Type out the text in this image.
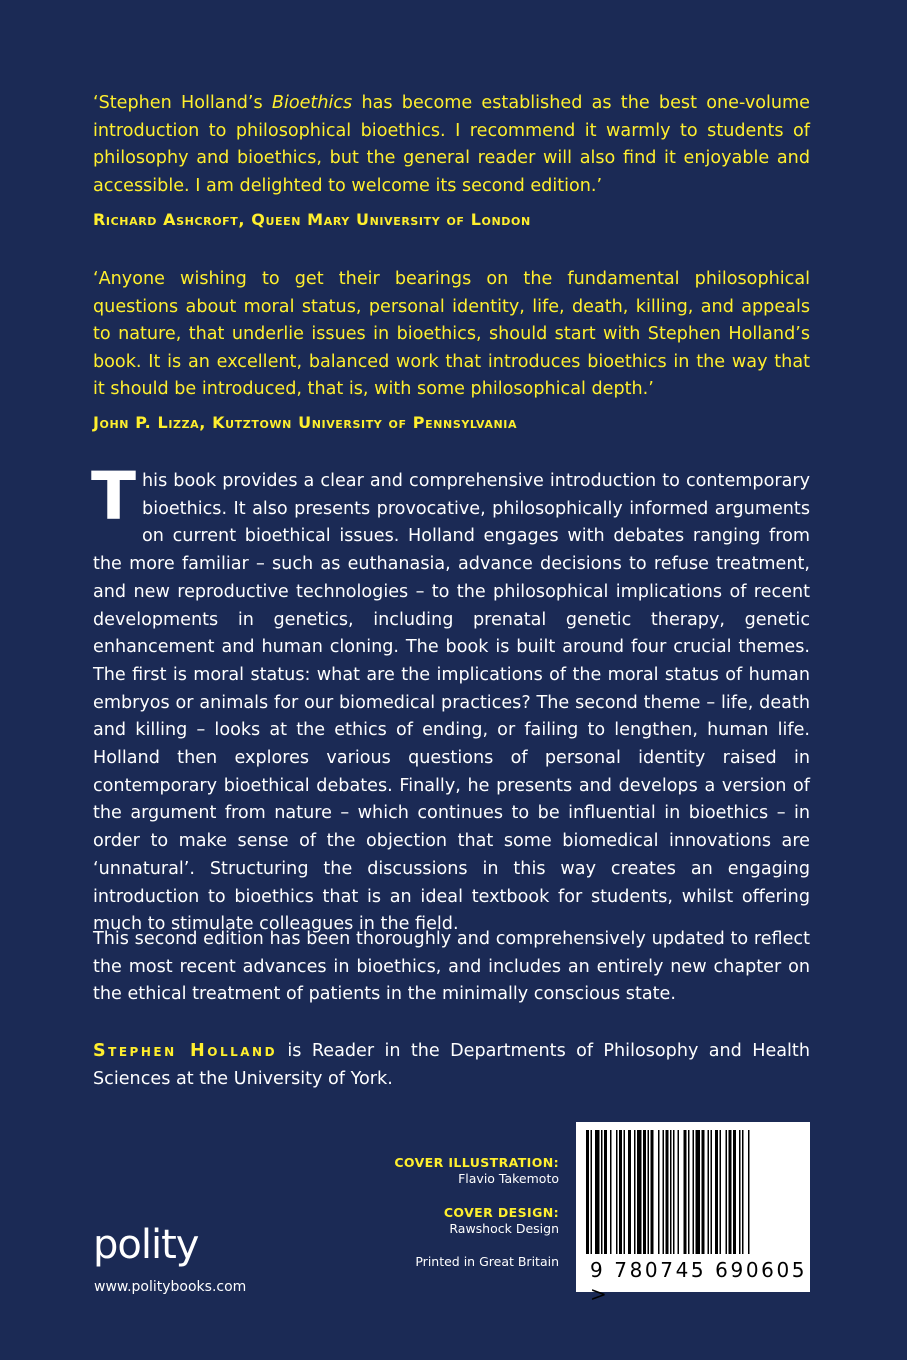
‘Stephen Holland’s Bioethics has become established as the best one-volume introduction to philosophical bioethics. I recommend it warmly to students of philosophy and bioethics, but the general reader will also find it enjoyable and accessible. I am delighted to welcome its second edition.’

Richard Ashcroft, Queen Mary University of London

‘Anyone wishing to get their bearings on the fundamental philosophical questions about moral status, personal identity, life, death, killing, and appeals to nature, that underlie issues in bioethics, should start with Stephen Holland’s book. It is an excellent, balanced work that introduces bioethics in the way that it should be introduced, that is, with some philosophical depth.’

John P. Lizza, Kutztown University of Pennsylvania

This book provides a clear and comprehensive introduction to contemporary bioethics. It also presents provocative, philosophically informed arguments on current bioethical issues. Holland engages with debates ranging from the more familiar – such as euthanasia, advance decisions to refuse treatment, and new reproductive technologies – to the philosophical implications of recent developments in genetics, including prenatal genetic therapy, genetic enhancement and human cloning. The book is built around four crucial themes. The first is moral status: what are the implications of the moral status of human embryos or animals for our biomedical practices? The second theme – life, death and killing – looks at the ethics of ending, or failing to lengthen, human life. Holland then explores various questions of personal identity raised in contemporary bioethical debates. Finally, he presents and develops a version of the argument from nature – which continues to be influential in bioethics – in order to make sense of the objection that some biomedical innovations are ‘unnatural’. Structuring the discussions in this way creates an engaging introduction to bioethics that is an ideal textbook for students, whilst offering much to stimulate colleagues in the field.

This second edition has been thoroughly and comprehensively updated to reflect the most recent advances in bioethics, and includes an entirely new chapter on the ethical treatment of patients in the minimally conscious state.

Stephen Holland is Reader in the Departments of Philosophy and Health Sciences at the University of York.

COVER ILLUSTRATION:
Flavio Takemoto

COVER DESIGN:
Rawshock Design

Printed in Great Britain

polity
www.politybooks.com
9 780745 690605 >
